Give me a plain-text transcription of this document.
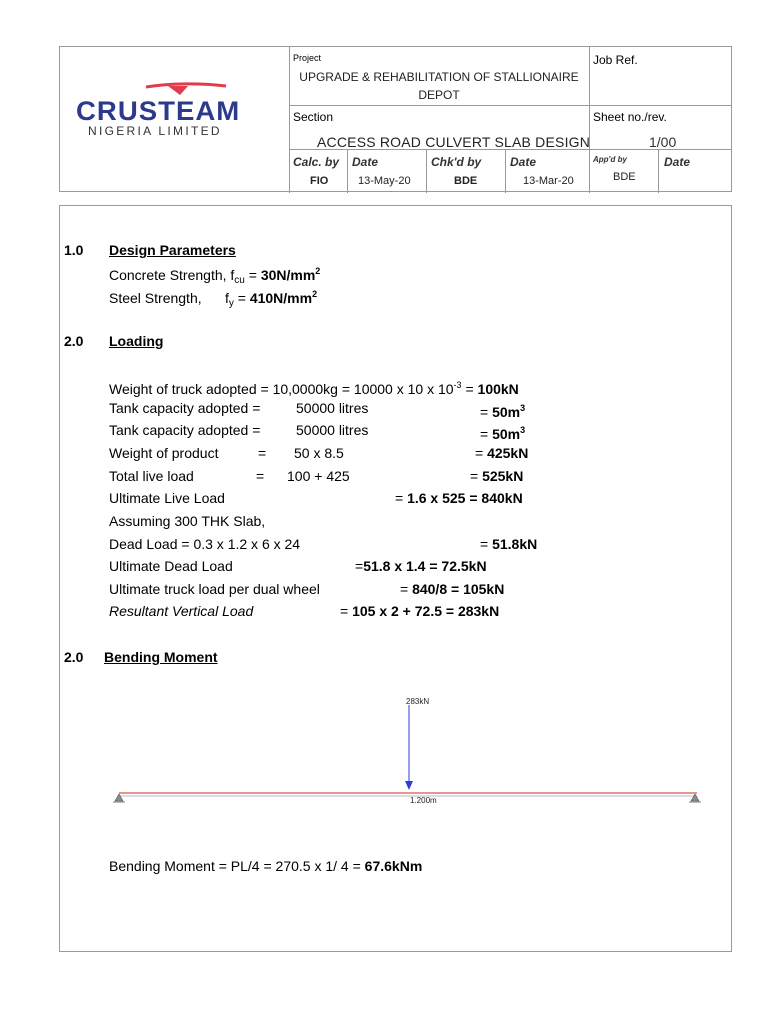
CRUSTEAM
NIGERIA LIMITED
Project
UPGRADE & REHABILITATION OF STALLIONAIRE
DEPOT
Job Ref.
Section
ACCESS ROAD CULVERT SLAB DESIGN
Sheet no./rev.
1/00
Calc. by
FIO
Date
13-May-20
Chk'd by
BDE
Date
13-Mar-20
App'd by
BDE
Date
1.0 Design Parameters
Concrete Strength, $f_{cu} = 30N/mm^2$
Steel Strength,      $f_y = 410N/mm^2$
2.0 Loading
Weight of truck adopted = 10,0000kg = 10000 x 10 x $10^{-3} = 100kN$
Tank capacity adopted =	50000 litres	= $50m^3$
Tank capacity adopted =	50000 litres	= $50m^3$
Weight of product	= 50 x 8.5	= 425kN
Total live load	= 100 + 425	= 525kN
Ultimate Live Load	= 1.6 x 525 = 840kN
Assuming 300 THK Slab,
Dead Load = 0.3 x 1.2 x 6 x 24	= 51.8kN
Ultimate Dead Load	=51.8 x 1.4 = 72.5kN
Ultimate truck load per dual wheel	= 840/8 = 105kN
Resultant Vertical Load	= 105 x 2 + 72.5 = 283kN
2.0 Bending Moment
283kN
1.200m
Bending Moment = PL/4 = 270.5 x 1/ 4 = 67.6kNm
